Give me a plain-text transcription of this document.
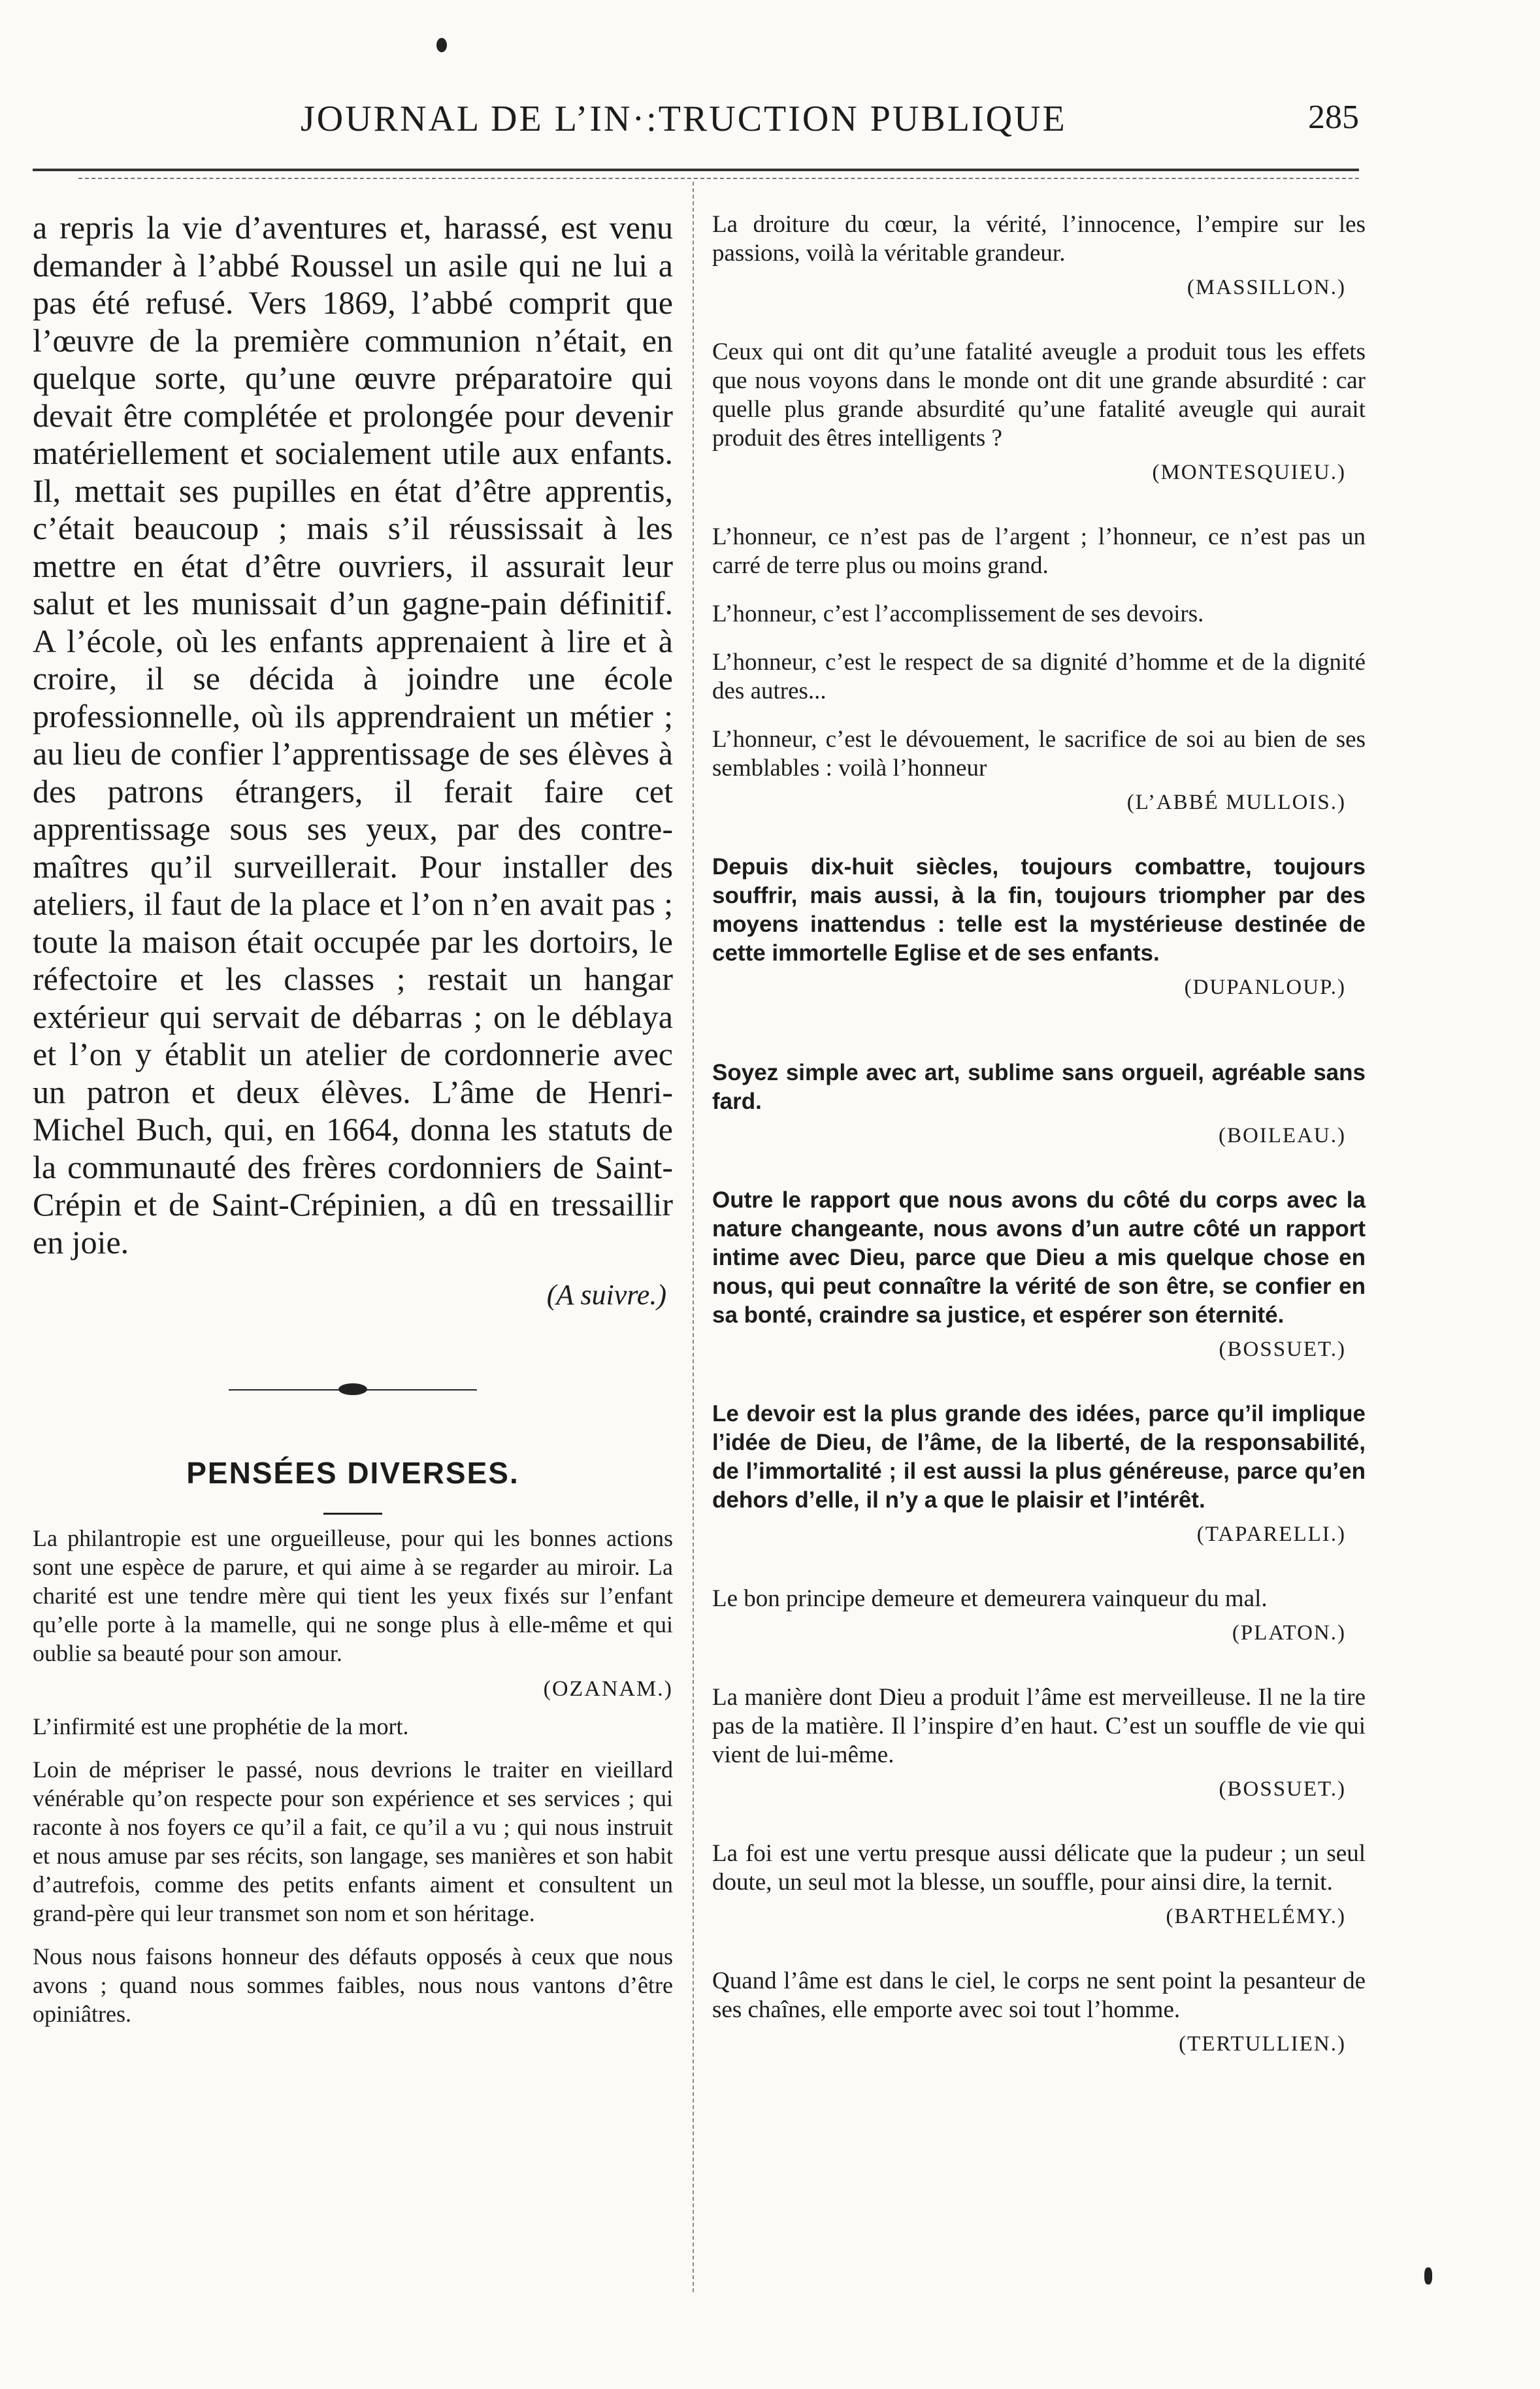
JOURNAL DE L’IN·:TRUCTION PUBLIQUE	285

a repris la vie d’aventures et, harassé, est venu demander à l’abbé Roussel un asile qui ne lui a pas été refusé. Vers 1869, l’abbé comprit que l’œuvre de la première communion n’était, en quelque sorte, qu’une œuvre préparatoire qui devait être complétée et prolongée pour devenir matériellement et socialement utile aux enfants. Il, mettait ses pupilles en état d’être apprentis, c’était beaucoup ; mais s’il réussissait à les mettre en état d’être ouvriers, il assurait leur salut et les munissait d’un gagne-pain définitif. A l’école, où les enfants apprenaient à lire et à croire, il se décida à joindre une école professionnelle, où ils apprendraient un métier ; au lieu de confier l’apprentissage de ses élèves à des patrons étrangers, il ferait faire cet apprentissage sous ses yeux, par des contre-maîtres qu’il surveillerait. Pour installer des ateliers, il faut de la place et l’on n’en avait pas ; toute la maison était occupée par les dortoirs, le réfectoire et les classes ; restait un hangar extérieur qui servait de débarras ; on le déblaya et l’on y établit un atelier de cordonnerie avec un patron et deux élèves. L’âme de Henri-Michel Buch, qui, en 1664, donna les statuts de la communauté des frères cordonniers de Saint-Crépin et de Saint-Crépinien, a dû en tressaillir en joie.

(A suivre.)
PENSÉES DIVERSES.

La philantropie est une orgueilleuse, pour qui les bonnes actions sont une espèce de parure, et qui aime à se regarder au miroir. La charité est une tendre mère qui tient les yeux fixés sur l’enfant qu’elle porte à la mamelle, qui ne songe plus à elle-même et qui oublie sa beauté pour son amour.

(OZANAM.)

L’infirmité est une prophétie de la mort.

Loin de mépriser le passé, nous devrions le traiter en vieillard vénérable qu’on respecte pour son expérience et ses services ; qui raconte à nos foyers ce qu’il a fait, ce qu’il a vu ; qui nous instruit et nous amuse par ses récits, son langage, ses manières et son habit d’autrefois, comme des petits enfants aiment et consultent un grand-père qui leur transmet son nom et son héritage.

Nous nous faisons honneur des défauts opposés à ceux que nous avons ; quand nous sommes faibles, nous nous vantons d’être opiniâtres.

La droiture du cœur, la vérité, l’innocence, l’empire sur les passions, voilà la véritable grandeur.

(MASSILLON.)

Ceux qui ont dit qu’une fatalité aveugle a produit tous les effets que nous voyons dans le monde ont dit une grande absurdité : car quelle plus grande absurdité qu’une fatalité aveugle qui aurait produit des êtres intelligents ?

(MONTESQUIEU.)

L’honneur, ce n’est pas de l’argent ; l’honneur, ce n’est pas un carré de terre plus ou moins grand.

L’honneur, c’est l’accomplissement de ses devoirs.

L’honneur, c’est le respect de sa dignité d’homme et de la dignité des autres...

L’honneur, c’est le dévouement, le sacrifice de soi au bien de ses semblables : voilà l’honneur

(L’ABBÉ MULLOIS.)

Depuis dix-huit siècles, toujours combattre, toujours souffrir, mais aussi, à la fin, toujours triompher par des moyens inattendus : telle est la mystérieuse destinée de cette immortelle Eglise et de ses enfants.

(DUPANLOUP.)

Soyez simple avec art, sublime sans orgueil, agréable sans fard.

(BOILEAU.)

Outre le rapport que nous avons du côté du corps avec la nature changeante, nous avons d’un autre côté un rapport intime avec Dieu, parce que Dieu a mis quelque chose en nous, qui peut connaître la vérité de son être, se confier en sa bonté, craindre sa justice, et espérer son éternité.

(BOSSUET.)

Le devoir est la plus grande des idées, parce qu’il implique l’idée de Dieu, de l’âme, de la liberté, de la responsabilité, de l’immortalité ; il est aussi la plus généreuse, parce qu’en dehors d’elle, il n’y a que le plaisir et l’intérêt.

(TAPARELLI.)

Le bon principe demeure et demeurera vainqueur du mal.

(PLATON.)

La manière dont Dieu a produit l’âme est merveilleuse. Il ne la tire pas de la matière. Il l’inspire d’en haut. C’est un souffle de vie qui vient de lui-même.

(BOSSUET.)

La foi est une vertu presque aussi délicate que la pudeur ; un seul doute, un seul mot la blesse, un souffle, pour ainsi dire, la ternit.

(BARTHELÉMY.)

Quand l’âme est dans le ciel, le corps ne sent point la pesanteur de ses chaînes, elle emporte avec soi tout l’homme.

(TERTULLIEN.)
